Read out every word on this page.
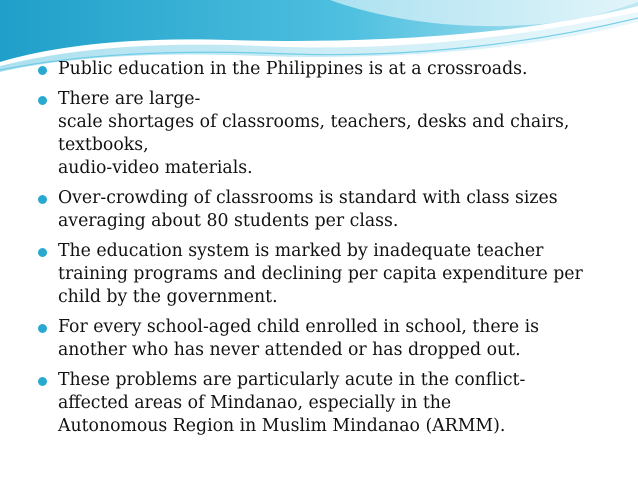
Public education in the Philippines is at a crossroads.
There are large-
scale shortages of classrooms, teachers, desks and chairs,
textbooks,
audio-video materials.
Over-crowding of classrooms is standard with class sizes
averaging about 80 students per class.
The education system is marked by inadequate teacher
training programs and declining per capita expenditure per
child by the government.
For every school-aged child enrolled in school, there is
another who has never attended or has dropped out.
These problems are particularly acute in the conflict-
affected areas of Mindanao, especially in the
Autonomous Region in Muslim Mindanao (ARMM).
